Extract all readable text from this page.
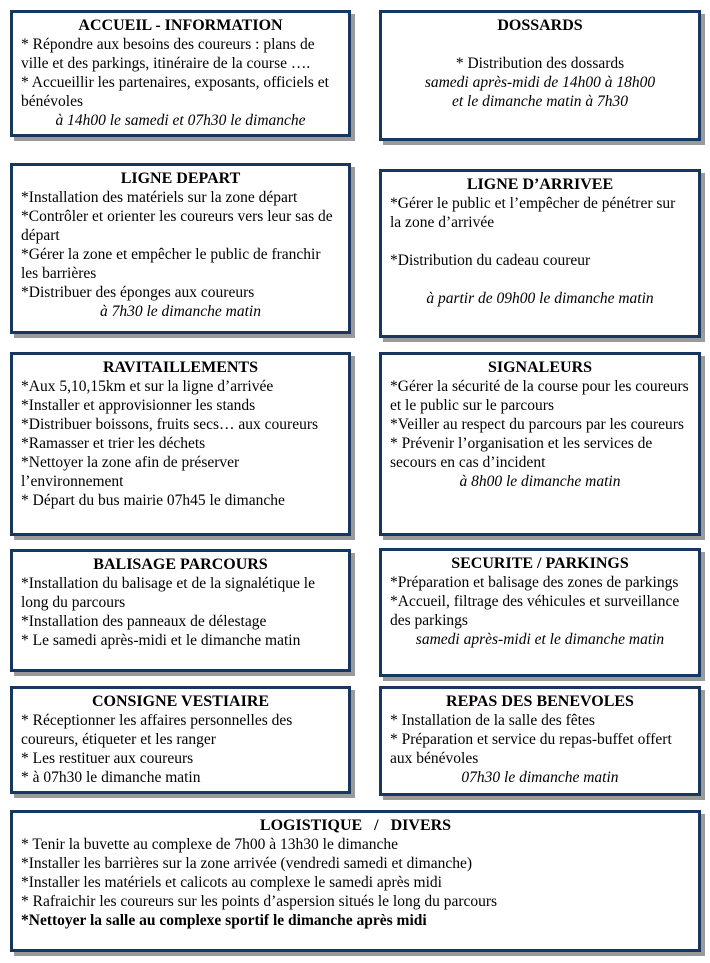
ACCUEIL - INFORMATION

* Répondre aux besoins des coureurs : plans de ville et des parkings, itinéraire de la course ….

* Accueillir les partenaires, exposants, officiels et bénévoles

à 14h00 le samedi et 07h30 le dimanche

DOSSARDS

* Distribution des dossards

samedi après-midi de 14h00 à 18h00

et le dimanche matin à 7h30

LIGNE DEPART

*Installation des matériels sur la zone départ

*Contrôler et orienter les coureurs vers leur sas de départ

*Gérer la zone et empêcher le public de franchir les barrières

*Distribuer des éponges aux coureurs

à 7h30 le dimanche matin

LIGNE D’ARRIVEE

*Gérer le public et l’empêcher de pénétrer sur la zone d’arrivée

*Distribution du cadeau coureur

à partir de 09h00 le dimanche matin

RAVITAILLEMENTS

*Aux 5,10,15km et sur la ligne d’arrivée

*Installer et approvisionner les stands

*Distribuer boissons, fruits secs… aux coureurs

*Ramasser et trier les déchets

*Nettoyer la zone afin de préserver l’environnement

* Départ du bus mairie 07h45 le dimanche

SIGNALEURS

*Gérer la sécurité de la course pour les coureurs et le public sur le parcours

*Veiller au respect du parcours par les coureurs

* Prévenir l’organisation et les services de secours en cas d’incident

à 8h00 le dimanche matin

BALISAGE PARCOURS

*Installation du balisage et de la signalétique le long du parcours

*Installation des panneaux de délestage

* Le samedi après-midi et le dimanche matin

SECURITE / PARKINGS

*Préparation et balisage des zones de parkings

*Accueil, filtrage des véhicules et surveillance des parkings

samedi après-midi et le dimanche matin

CONSIGNE VESTIAIRE

* Réceptionner les affaires personnelles des coureurs, étiqueter et les ranger

* Les restituer aux coureurs

* à 07h30 le dimanche matin

REPAS DES BENEVOLES

* Installation de la salle des fêtes

* Préparation et service du repas-buffet offert aux bénévoles

07h30 le dimanche matin

LOGISTIQUE   /   DIVERS

* Tenir la buvette au complexe de 7h00 à 13h30 le dimanche

*Installer les barrières sur la zone arrivée (vendredi samedi et dimanche)

*Installer les matériels et calicots au complexe le samedi après midi

* Rafraichir les coureurs sur les points d’aspersion situés le long du parcours

*Nettoyer la salle au complexe sportif le dimanche après midi
